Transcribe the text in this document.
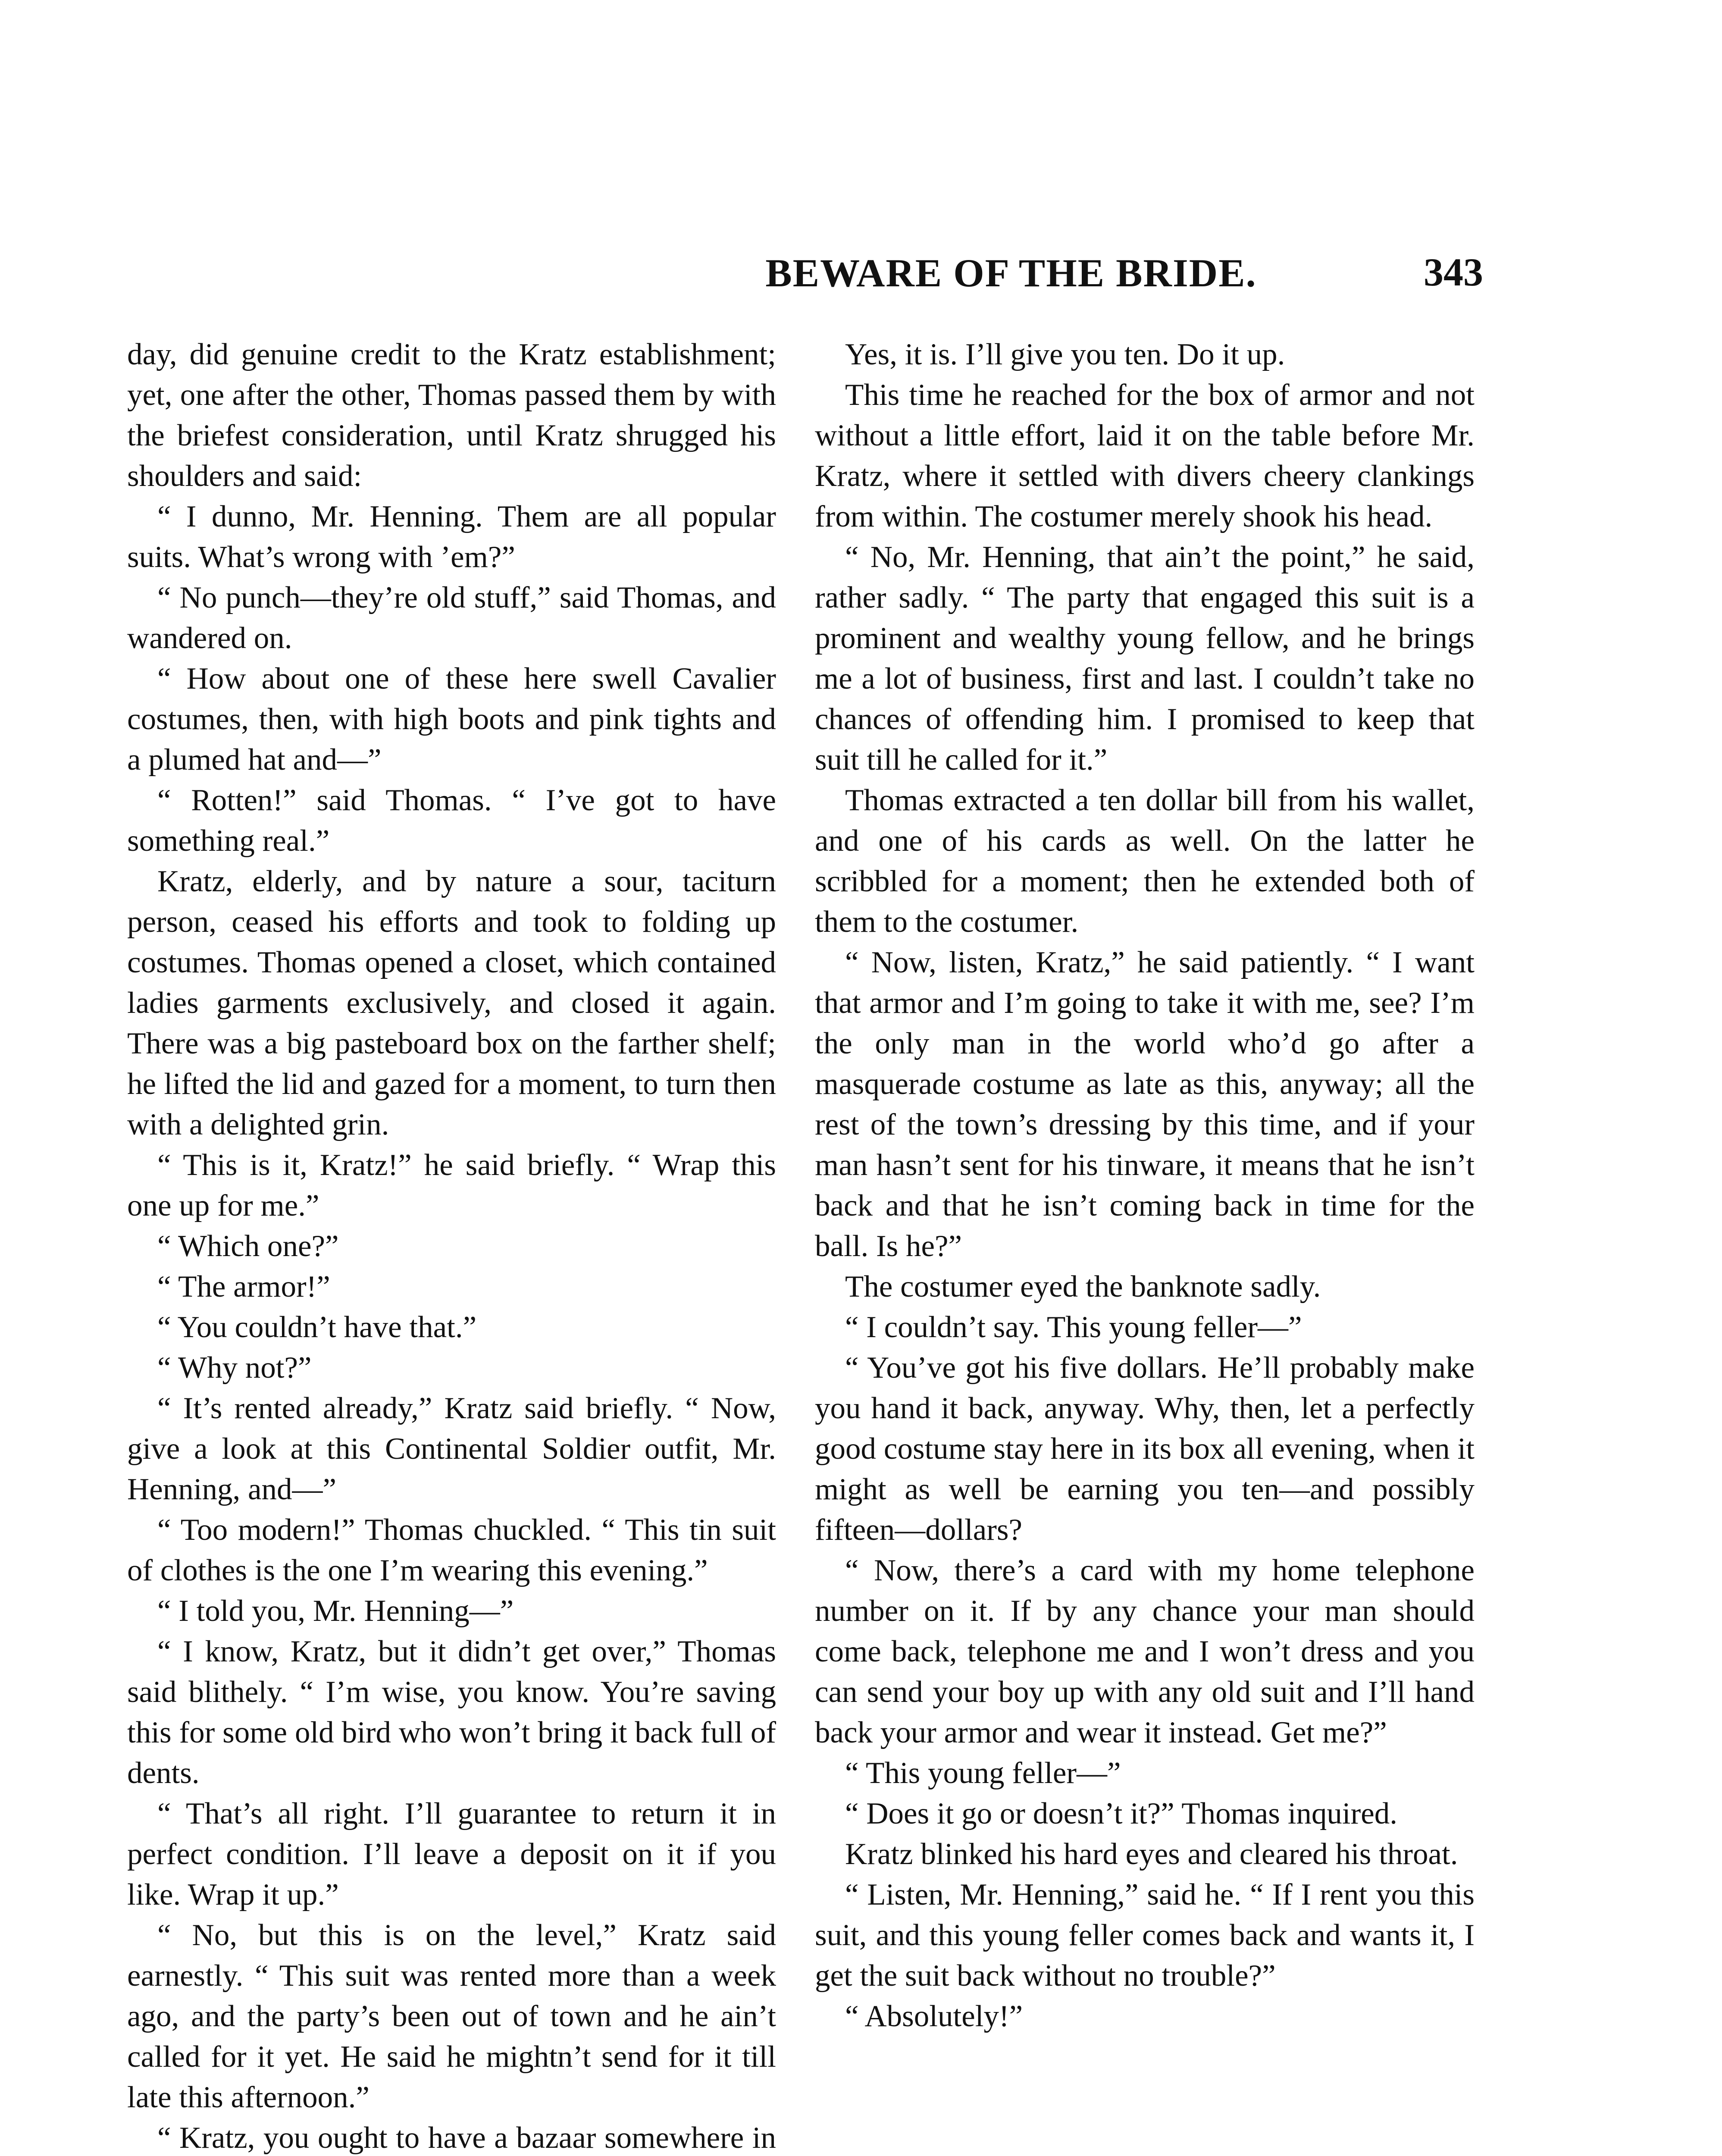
BEWARE OF THE BRIDE.	343

day, did genuine credit to the Kratz establishment; yet, one after the other, Thomas passed them by with the briefest consideration, until Kratz shrugged his shoulders and said:

“ I dunno, Mr. Henning. Them are all popular suits. What’s wrong with ’em?”

“ No punch—they’re old stuff,” said Thomas, and wandered on.

“ How about one of these here swell Cavalier costumes, then, with high boots and pink tights and a plumed hat and—”

“ Rotten!” said Thomas. “ I’ve got to have something real.”

Kratz, elderly, and by nature a sour, taciturn person, ceased his efforts and took to folding up costumes. Thomas opened a closet, which contained ladies garments exclusively, and closed it again. There was a big pasteboard box on the farther shelf; he lifted the lid and gazed for a moment, to turn then with a delighted grin.

“ This is it, Kratz!” he said briefly. “ Wrap this one up for me.”

“ Which one?”

“ The armor!”

“ You couldn’t have that.”

“ Why not?”

“ It’s rented already,” Kratz said briefly. “ Now, give a look at this Continental Soldier outfit, Mr. Henning, and—”

“ Too modern!” Thomas chuckled. “ This tin suit of clothes is the one I’m wearing this evening.”

“ I told you, Mr. Henning—”

“ I know, Kratz, but it didn’t get over,” Thomas said blithely. “ I’m wise, you know. You’re saving this for some old bird who won’t bring it back full of dents.

“ That’s all right. I’ll guarantee to return it in perfect condition. I’ll leave a deposit on it if you like. Wrap it up.”

“ No, but this is on the level,” Kratz said earnestly. “ This suit was rented more than a week ago, and the party’s been out of town and he ain’t called for it yet. He said he mightn’t send for it till late this afternoon.”

“ Kratz, you ought to have a bazaar somewhere in

Yes, it is. I’ll give you ten. Do it up.

This time he reached for the box of armor and not without a little effort, laid it on the table before Mr. Kratz, where it settled with divers cheery clankings from within. The costumer merely shook his head.

“ No, Mr. Henning, that ain’t the point,” he said, rather sadly. “ The party that engaged this suit is a prominent and wealthy young fellow, and he brings me a lot of business, first and last. I couldn’t take no chances of offending him. I promised to keep that suit till he called for it.”

Thomas extracted a ten dollar bill from his wallet, and one of his cards as well. On the latter he scribbled for a moment; then he extended both of them to the costumer.

“ Now, listen, Kratz,” he said patiently. “ I want that armor and I’m going to take it with me, see? I’m the only man in the world who’d go after a masquerade costume as late as this, anyway; all the rest of the town’s dressing by this time, and if your man hasn’t sent for his tinware, it means that he isn’t back and that he isn’t coming back in time for the ball. Is he?”

The costumer eyed the banknote sadly.

“ I couldn’t say. This young feller—”

“ You’ve got his five dollars. He’ll probably make you hand it back, anyway. Why, then, let a perfectly good costume stay here in its box all evening, when it might as well be earning you ten—and possibly fifteen—dollars?

“ Now, there’s a card with my home telephone number on it. If by any chance your man should come back, telephone me and I won’t dress and you can send your boy up with any old suit and I’ll hand back your armor and wear it instead. Get me?”

“ This young feller—”

“ Does it go or doesn’t it?” Thomas inquired.

Kratz blinked his hard eyes and cleared his throat.

“ Listen, Mr. Henning,” said he. “ If I rent you this suit, and this young feller comes back and wants it, I get the suit back without no trouble?”

“ Absolutely!”
